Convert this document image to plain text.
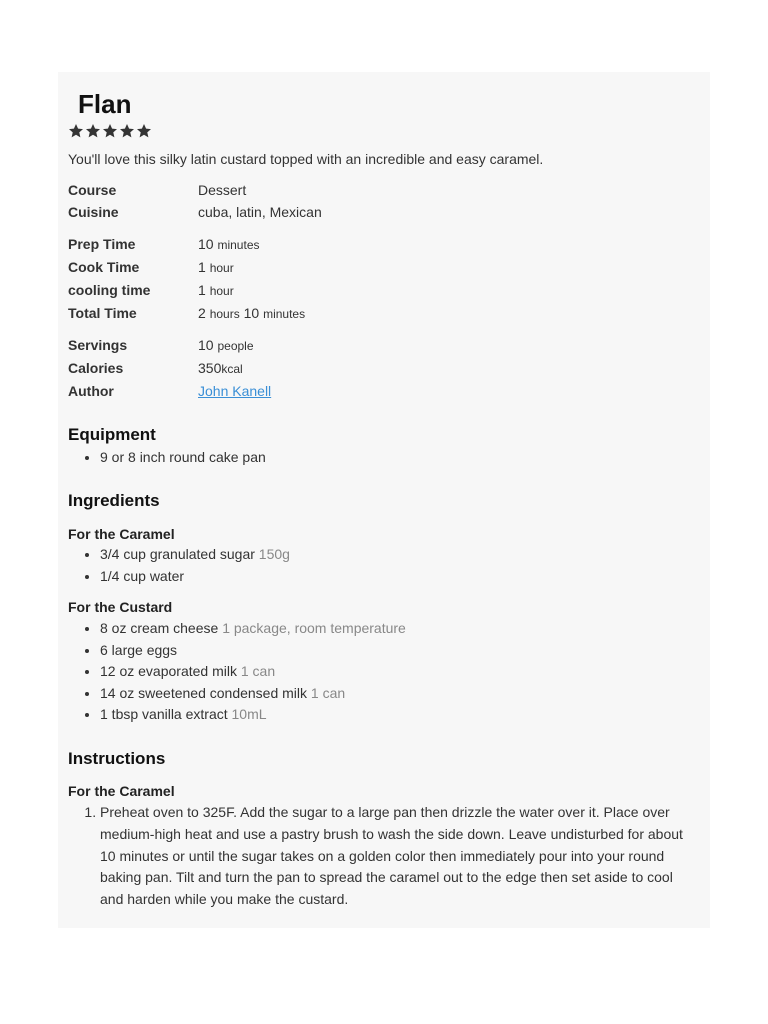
Flan
You'll love this silky latin custard topped with an incredible and easy caramel.
Course	Dessert
Cuisine	cuba, latin, Mexican
Prep Time	10 minutes
Cook Time	1 hour
cooling time	1 hour
Total Time	2 hours 10 minutes
Servings	10 people
Calories	350kcal
Author	John Kanell
Equipment
• 9 or 8 inch round cake pan
Ingredients
For the Caramel
• 3/4 cup granulated sugar 150g
• 1/4 cup water
For the Custard
• 8 oz cream cheese 1 package, room temperature
• 6 large eggs
• 12 oz evaporated milk 1 can
• 14 oz sweetened condensed milk 1 can
• 1 tbsp vanilla extract 10mL
Instructions
For the Caramel
1. Preheat oven to 325F. Add the sugar to a large pan then drizzle the water over it. Place over medium-high heat and use a pastry brush to wash the side down. Leave undisturbed for about 10 minutes or until the sugar takes on a golden color then immediately pour into your round baking pan. Tilt and turn the pan to spread the caramel out to the edge then set aside to cool and harden while you make the custard.
